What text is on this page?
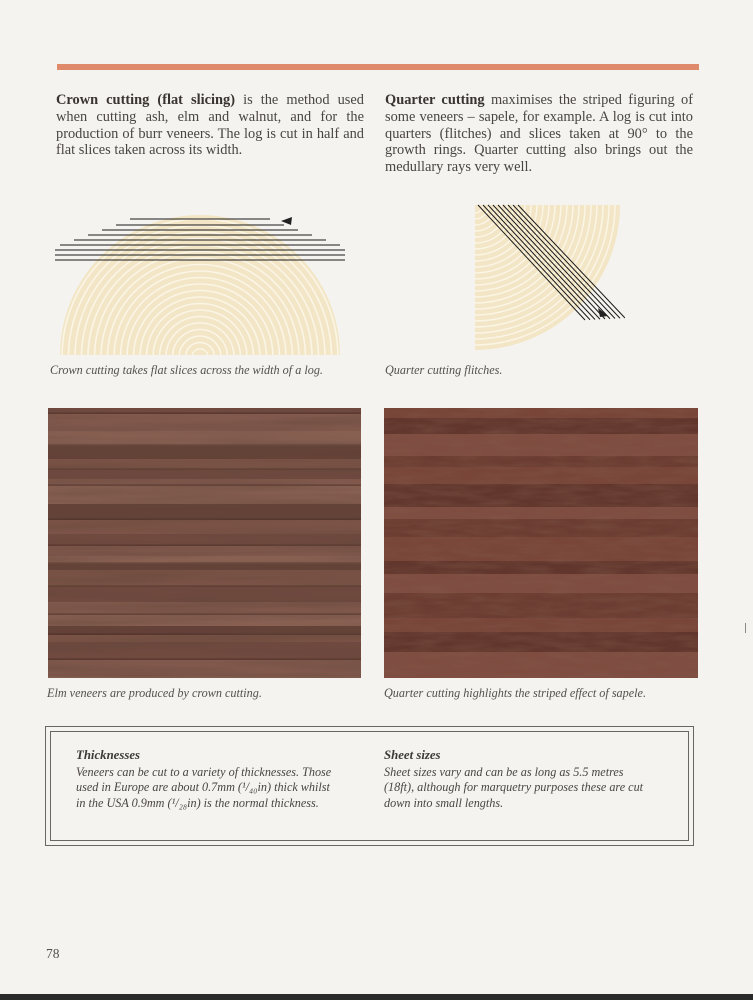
Crown cutting (flat slicing) is the method used when cutting ash, elm and walnut, and for the production of burr veneers. The log is cut in half and flat slices taken across its width.

Quarter cutting maximises the striped figuring of some veneers – sapele, for example. A log is cut into quarters (flitches) and slices taken at 90° to the growth rings. Quarter cutting also brings out the medullary rays very well.

Crown cutting takes flat slices across the width of a log.	Quarter cutting flitches.

Elm veneers are produced by crown cutting.	Quarter cutting highlights the striped effect of sapele.

Thicknesses

Veneers can be cut to a variety of thicknesses. Those used in Europe are about 0.7mm (¹/₄₀in) thick whilst in the USA 0.9mm (¹/₂₈in) is the normal thickness.

Sheet sizes

Sheet sizes vary and can be as long as 5.5 metres (18ft), although for marquetry purposes these are cut down into small lengths.

78
